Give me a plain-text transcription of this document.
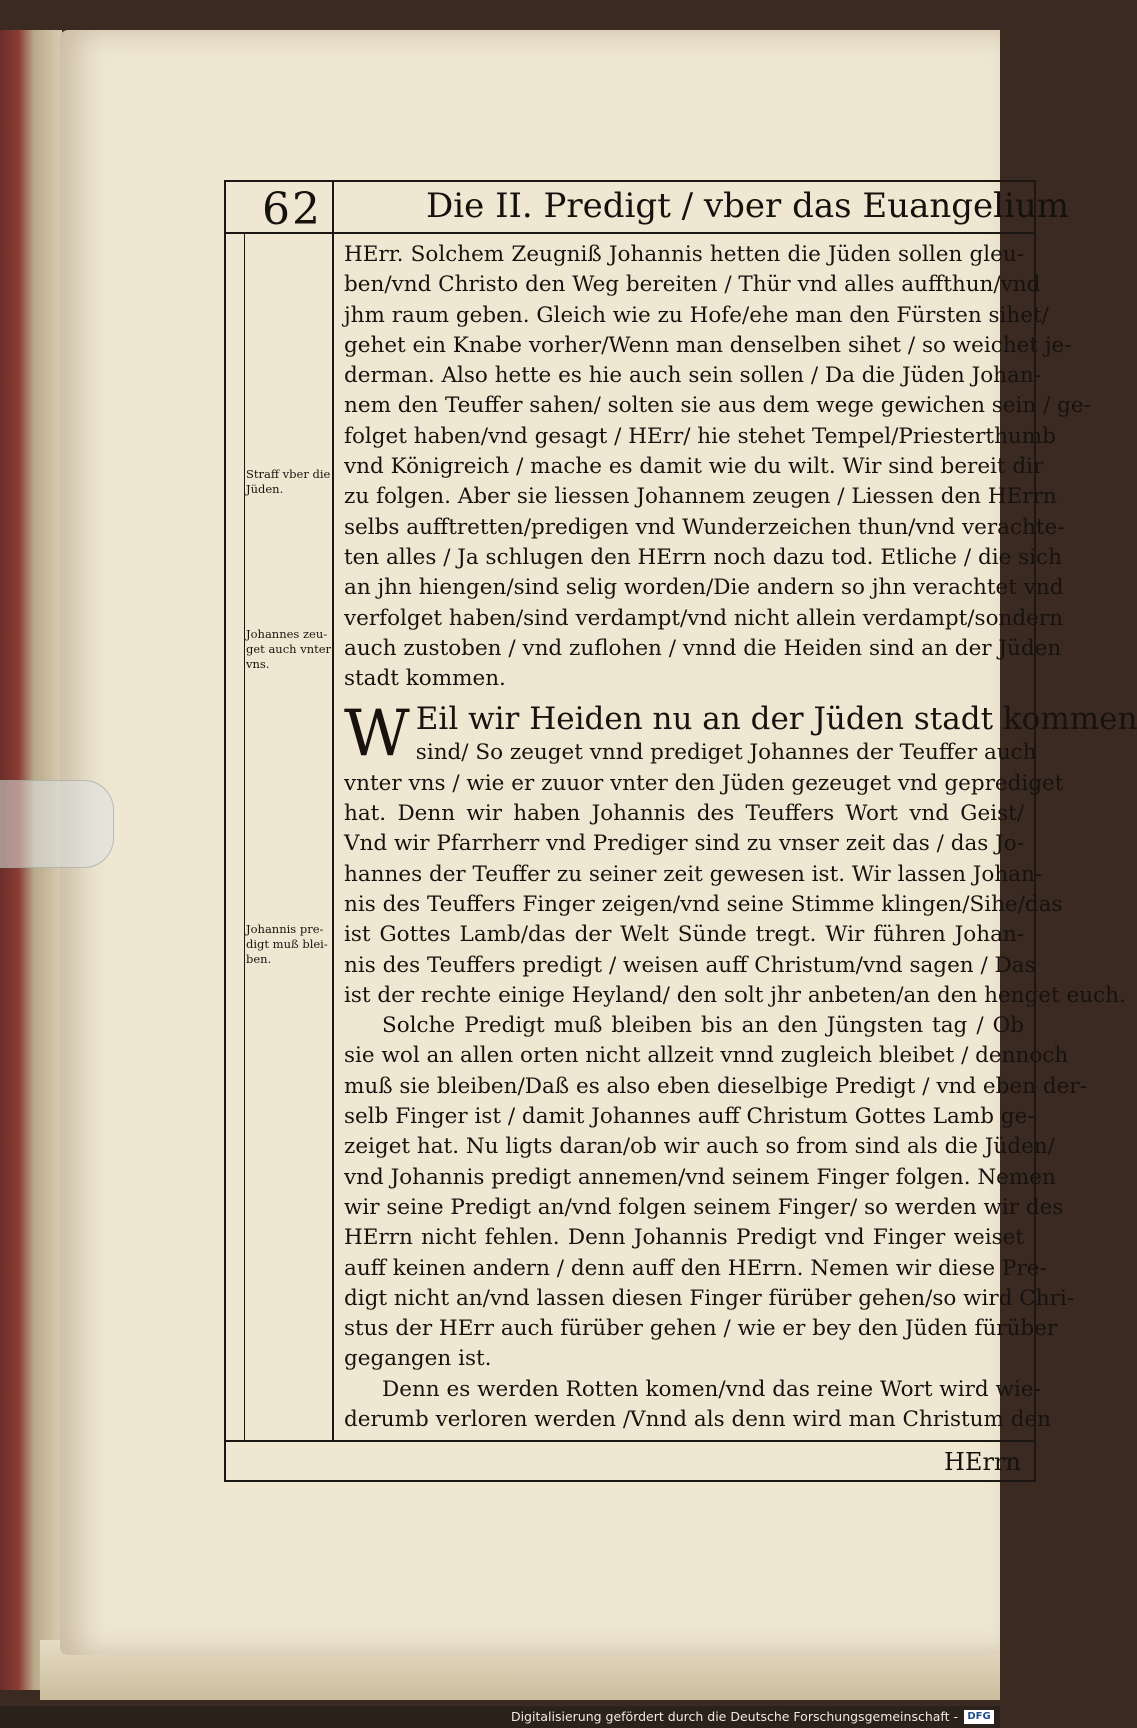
62	Die II. Predigt / vber das Euangelium
Straff vber die Jüden.
Johannes zeu-get auch vnter vns.
Johannis pre-digt muß blei-ben.
HErr. Solchem Zeugniß Johannis hetten die Jüden sollen gleu-
ben/vnd Christo den Weg bereiten / Thür vnd alles auffthun/vnd
jhm raum geben. Gleich wie zu Hofe/ehe man den Fürsten sihet/
gehet ein Knabe vorher/Wenn man denselben sihet / so weichet je-
derman. Also hette es hie auch sein sollen / Da die Jüden Johan-
nem den Teuffer sahen/ solten sie aus dem wege gewichen sein / ge-
folget haben/vnd gesagt / HErr/ hie stehet Tempel/Priesterthumb
vnd Königreich / mache es damit wie du wilt. Wir sind bereit dir
zu folgen. Aber sie liessen Johannem zeugen / Liessen den HErrn
selbs aufftretten/predigen vnd Wunderzeichen thun/vnd verachte-
ten alles / Ja schlugen den HErrn noch dazu tod. Etliche / die sich
an jhn hiengen/sind selig worden/Die andern so jhn verachtet vnd
verfolget haben/sind verdampt/vnd nicht allein verdampt/sondern
auch zustoben / vnd zuflohen / vnnd die Heiden sind an der Jüden
stadt kommen.
W Eil wir Heiden nu an der Jüden stadt kommen
sind/ So zeuget vnnd prediget Johannes der Teuffer auch
vnter vns / wie er zuuor vnter den Jüden gezeuget vnd geprediget
hat. Denn wir haben Johannis des Teuffers Wort vnd Geist/
Vnd wir Pfarrherr vnd Prediger sind zu vnser zeit das / das Jo-
hannes der Teuffer zu seiner zeit gewesen ist. Wir lassen Johan-
nis des Teuffers Finger zeigen/vnd seine Stimme klingen/Sihe/das
ist Gottes Lamb/das der Welt Sünde tregt. Wir führen Johan-
nis des Teuffers predigt / weisen auff Christum/vnd sagen / Das
ist der rechte einige Heyland/ den solt jhr anbeten/an den henget euch.
Solche Predigt muß bleiben bis an den Jüngsten tag / Ob
sie wol an allen orten nicht allzeit vnnd zugleich bleibet / dennoch
muß sie bleiben/Daß es also eben dieselbige Predigt / vnd eben der-
selb Finger ist / damit Johannes auff Christum Gottes Lamb ge-
zeiget hat. Nu ligts daran/ob wir auch so from sind als die Jüden/
vnd Johannis predigt annemen/vnd seinem Finger folgen. Nemen
wir seine Predigt an/vnd folgen seinem Finger/ so werden wir des
HErrn nicht fehlen. Denn Johannis Predigt vnd Finger weiset
auff keinen andern / denn auff den HErrn. Nemen wir diese Pre-
digt nicht an/vnd lassen diesen Finger fürüber gehen/so wird Chri-
stus der HErr auch fürüber gehen / wie er bey den Jüden fürüber
gegangen ist.
Denn es werden Rotten komen/vnd das reine Wort wird wie-
derumb verloren werden /Vnnd als denn wird man Christum den
HErrn
Digitalisierung gefördert durch die Deutsche Forschungsgemeinschaft - DFG
